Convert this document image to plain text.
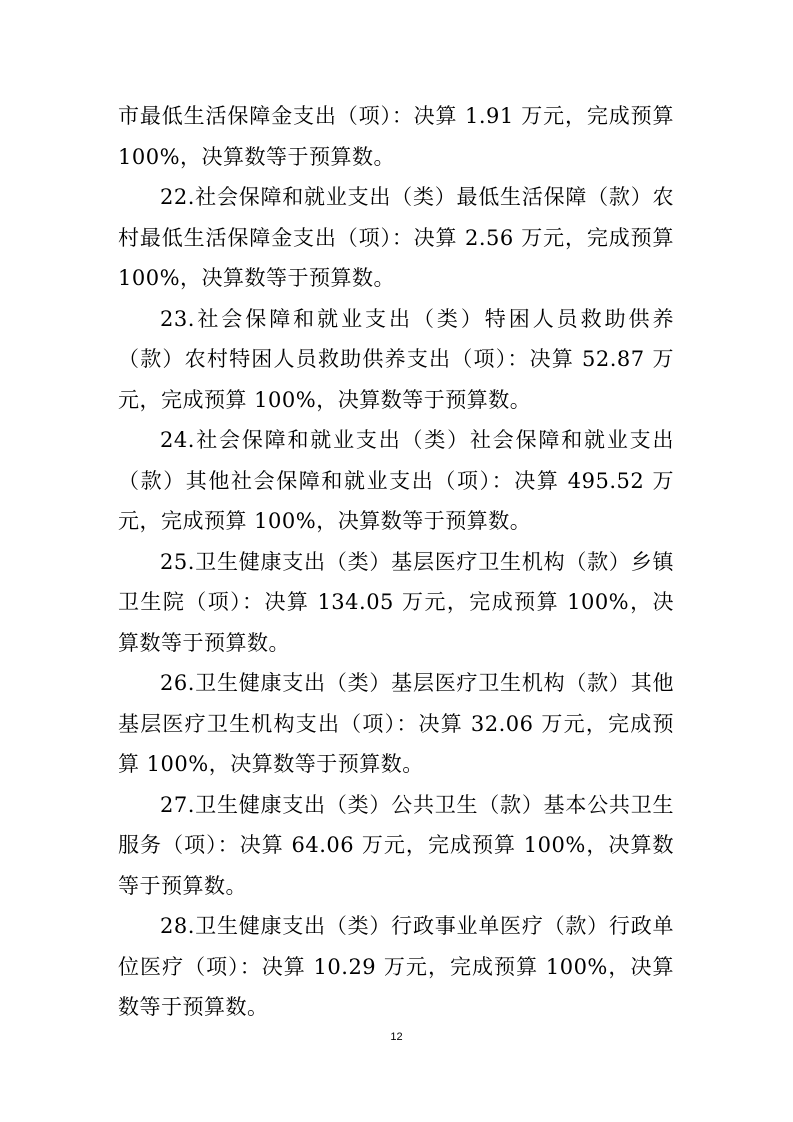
市最低生活保障金支出（项）：决算 1.91 万元，完成预算 100%，决算数等于预算数。

22.社会保障和就业支出（类）最低生活保障（款）农村最低生活保障金支出（项）：决算 2.56 万元，完成预算 100%，决算数等于预算数。

23.社会保障和就业支出（类）特困人员救助供养（款）农村特困人员救助供养支出（项）：决算 52.87 万元，完成预算 100%，决算数等于预算数。

24.社会保障和就业支出（类）社会保障和就业支出（款）其他社会保障和就业支出（项）：决算 495.52 万元，完成预算 100%，决算数等于预算数。

25.卫生健康支出（类）基层医疗卫生机构（款）乡镇卫生院（项）：决算 134.05 万元，完成预算 100%，决算数等于预算数。

26.卫生健康支出（类）基层医疗卫生机构（款）其他基层医疗卫生机构支出（项）：决算 32.06 万元，完成预算 100%，决算数等于预算数。

27.卫生健康支出（类）公共卫生（款）基本公共卫生服务（项）：决算 64.06 万元，完成预算 100%，决算数等于预算数。

28.卫生健康支出（类）行政事业单医疗（款）行政单位医疗（项）：决算 10.29 万元，完成预算 100%，决算数等于预算数。

12
